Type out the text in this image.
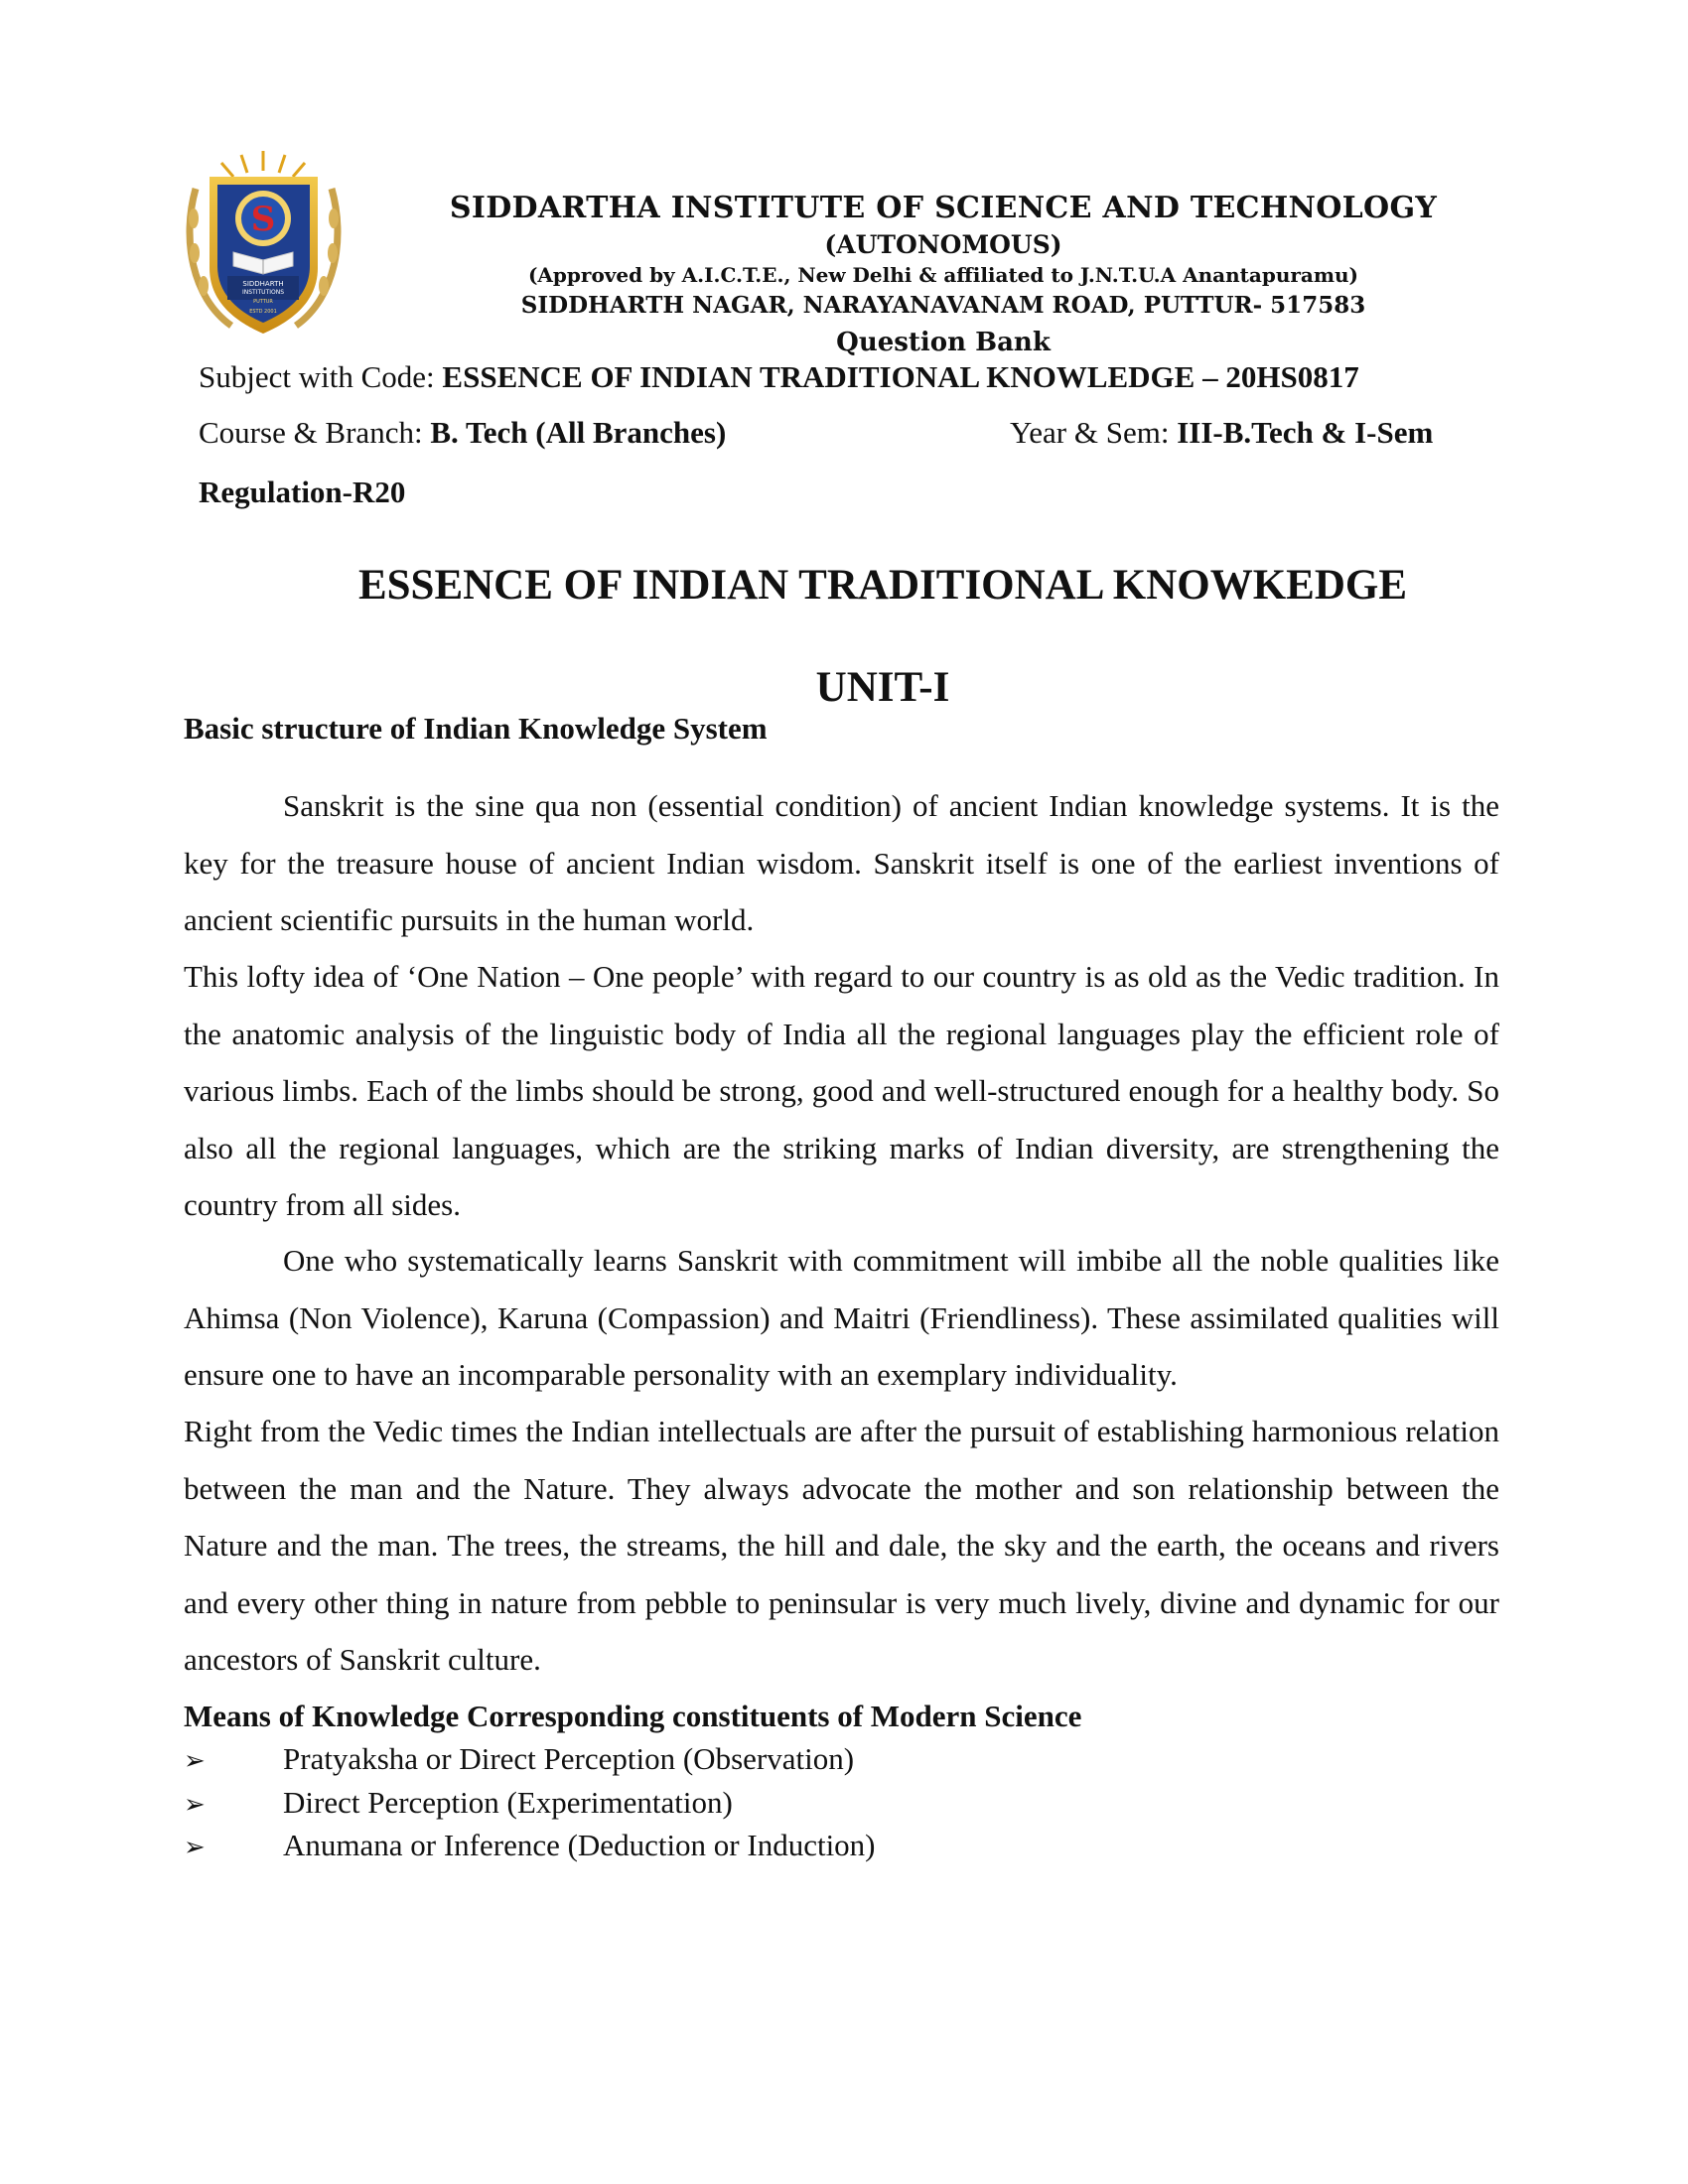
S
SIDDHARTH
INSTITUTIONS
PUTTUR
ESTD 2001
SIDDARTHA INSTITUTE OF SCIENCE AND TECHNOLOGY
(AUTONOMOUS)
(Approved by A.I.C.T.E., New Delhi & affiliated to J.N.T.U.A Anantapuramu)
SIDDHARTH NAGAR, NARAYANAVANAM ROAD, PUTTUR- 517583
Question Bank
Subject with Code: ESSENCE OF INDIAN TRADITIONAL KNOWLEDGE – 20HS0817
Course & Branch: B. Tech (All Branches)	Year & Sem: III-B.Tech & I-Sem
Regulation-R20
ESSENCE OF INDIAN TRADITIONAL KNOWKEDGE
UNIT-I
Basic structure of Indian Knowledge System
Sanskrit is the sine qua non (essential condition) of ancient Indian knowledge systems. It is the key for the treasure house of ancient Indian wisdom. Sanskrit itself is one of the earliest inventions of ancient scientific pursuits in the human world.
This lofty idea of ‘One Nation – One people’ with regard to our country is as old as the Vedic tradition. In the anatomic analysis of the linguistic body of India all the regional languages play the efficient role of various limbs. Each of the limbs should be strong, good and well-structured enough for a healthy body. So also all the regional languages, which are the striking marks of Indian diversity, are strengthening the country from all sides.
One who systematically learns Sanskrit with commitment will imbibe all the noble qualities like Ahimsa (Non Violence), Karuna (Compassion) and Maitri (Friendliness). These assimilated qualities will ensure one to have an incomparable personality with an exemplary individuality.
Right from the Vedic times the Indian intellectuals are after the pursuit of establishing harmonious relation between the man and the Nature. They always advocate the mother and son relationship between the Nature and the man. The trees, the streams, the hill and dale, the sky and the earth, the oceans and rivers and every other thing in nature from pebble to peninsular is very much lively, divine and dynamic for our ancestors of Sanskrit culture.
Means of Knowledge Corresponding constituents of Modern Science
➢	Pratyaksha or Direct Perception (Observation)
➢	Direct Perception (Experimentation)
➢	Anumana or Inference (Deduction or Induction)
